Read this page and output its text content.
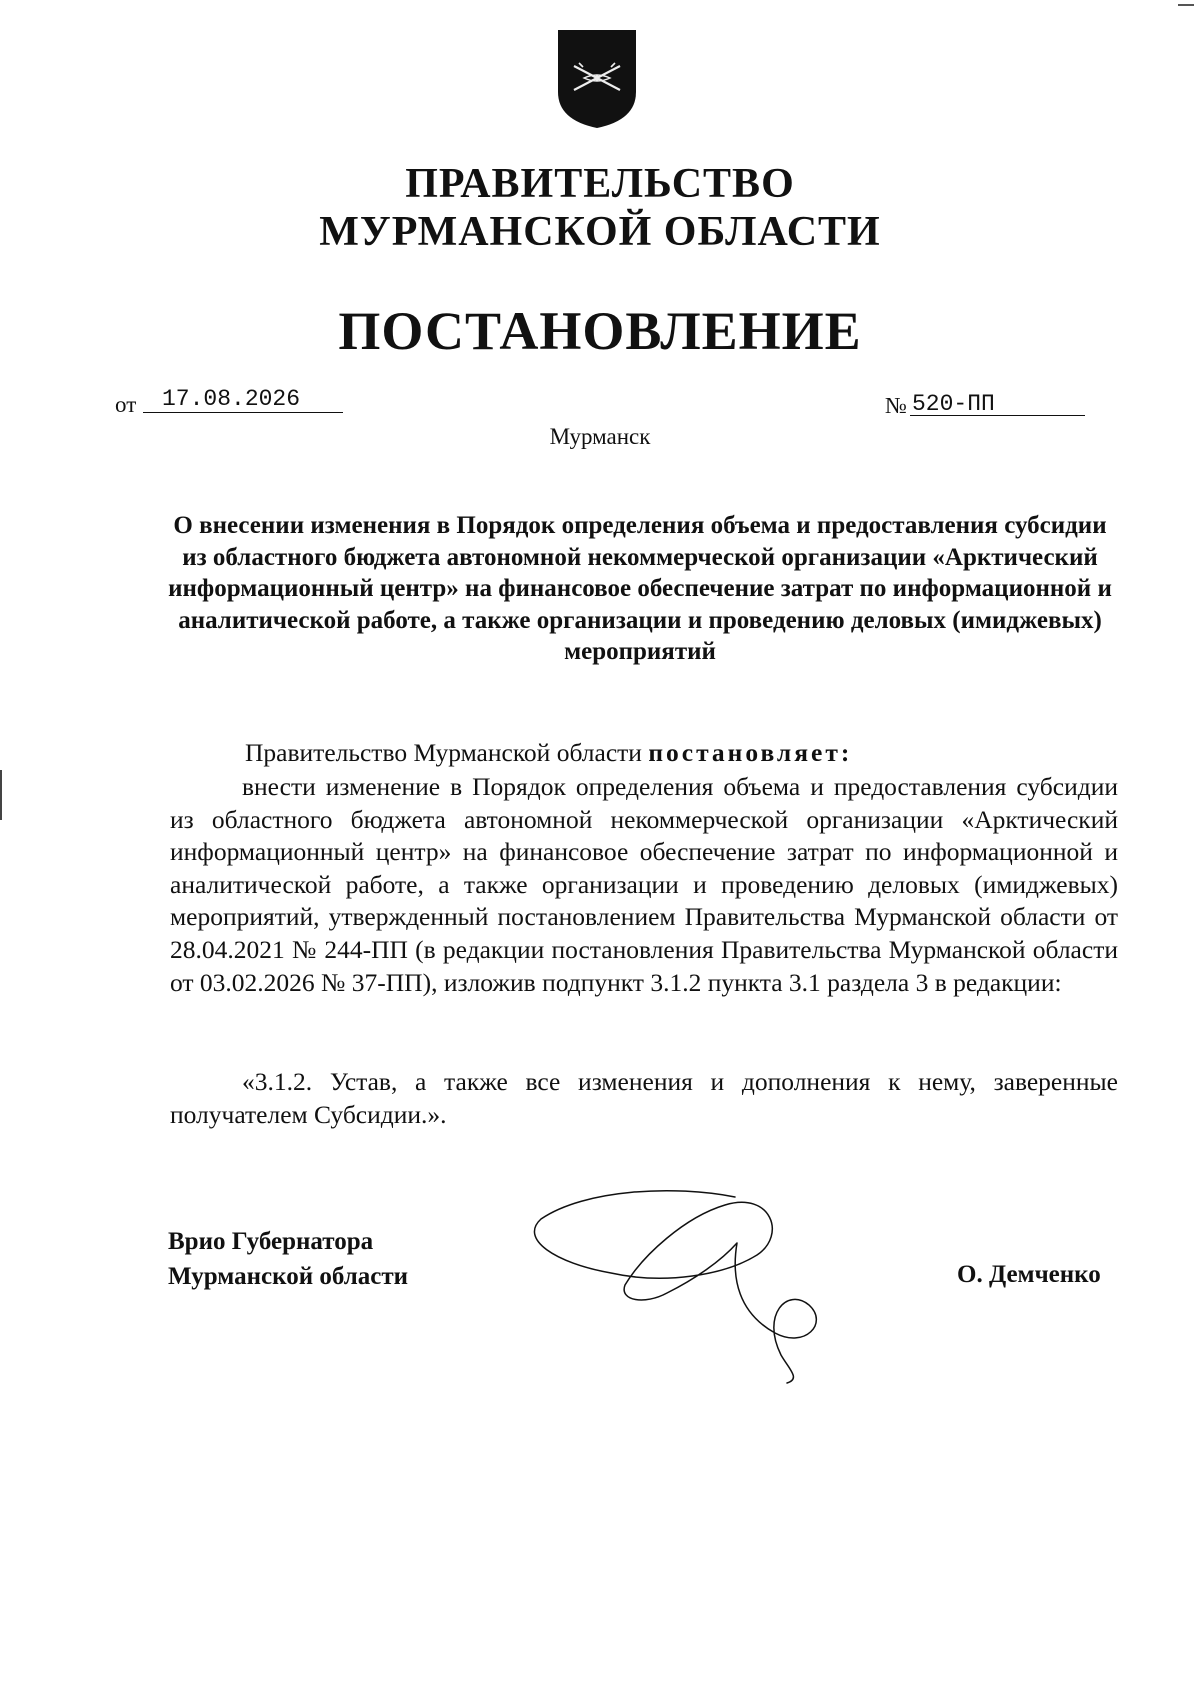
ПРАВИТЕЛЬСТВО
МУРМАНСКОЙ ОБЛАСТИ
ПОСТАНОВЛЕНИЕ
от 17.08.2026	№ 520-ПП
Мурманск
О внесении изменения в Порядок определения объема и предоставления субсидии из областного бюджета автономной некоммерческой организации «Арктический информационный центр» на финансовое обеспечение затрат по информационной и аналитической работе, а также организации и проведению деловых (имиджевых) мероприятий
Правительство Мурманской области постановляет:
внести изменение в Порядок определения объема и предоставления субсидии из областного бюджета автономной некоммерческой организации «Арктический информационный центр» на финансовое обеспечение затрат по информационной и аналитической работе, а также организации и проведению деловых (имиджевых) мероприятий, утвержденный постановлением Правительства Мурманской области от 28.04.2021 № 244-ПП (в редакции постановления Правительства Мурманской области от 03.02.2026 № 37-ПП), изложив подпункт 3.1.2 пункта 3.1 раздела 3 в редакции:
«3.1.2. Устав, а также все изменения и дополнения к нему, заверенные получателем Субсидии.».
Врио Губернатора
Мурманской области	О. Демченко
